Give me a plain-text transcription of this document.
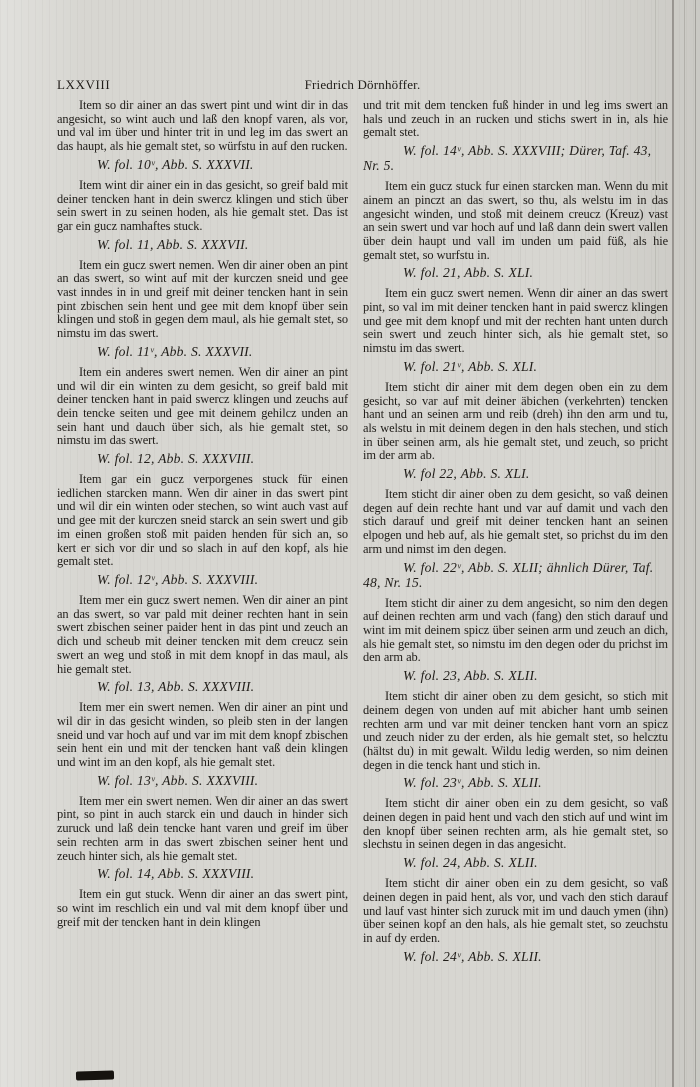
Friedrich Dörnhöffer.
LXXVIII

Item so dir ainer an das swert pint und wint dir in das angesicht, so wint auch und laß den knopf varen, als vor, und val im über und hinter trit in und leg im das swert an das haupt, als hie gemalt stet, so würfstu in auf den rucken.

W. fol. 10ᵛ, Abb. S. XXXVII.

Item wint dir ainer ein in das gesicht, so greif bald mit deiner tencken hant in dein swercz klingen und stich über sein swert in zu seinen hoden, als hie gemalt stet. Das ist gar ein gucz namhaftes stuck.

W. fol. 11, Abb. S. XXXVII.

Item ein gucz swert nemen. Wen dir ainer oben an pint an das swert, so wint auf mit der kurczen sneid und gee vast inndes in in und greif mit deiner tencken hant in sein pint zbischen sein hent und gee mit dem knopf über sein klingen und stoß in gegen dem maul, als hie gemalt stet, so nimstu im das swert.

W. fol. 11ᵛ, Abb. S. XXXVII.

Item ein anderes swert nemen. Wen dir ainer an pint und wil dir ein winten zu dem gesicht, so greif bald mit deiner tencken hant in paid swercz klingen und zeuchs auf dein tencke seiten und gee mit deinem gehilcz unden an sein hant und dauch über sich, als hie gemalt stet, so nimstu im das swert.

W. fol. 12, Abb. S. XXXVIII.

Item gar ein gucz verporgenes stuck für einen iedlichen starcken mann. Wen dir ainer in das swert pint und wil dir ein winten oder stechen, so wint auch vast auf und gee mit der kurczen sneid starck an sein swert und gib im einen großen stoß mit paiden henden für sich an, so kert er sich vor dir und so slach in auf den kopf, als hie gemalt stet.

W. fol. 12ᵛ, Abb. S. XXXVIII.

Item mer ein gucz swert nemen. Wen dir ainer an pint an das swert, so var pald mit deiner rechten hant in sein swert zbischen seiner paider hent in das pint und zeuch an dich und scheub mit deiner tencken mit dem creucz sein swert an weg und stoß in mit dem knopf in das maul, als hie gemalt stet.

W. fol. 13, Abb. S. XXXVIII.

Item mer ein swert nemen. Wen dir ainer an pint und wil dir in das gesicht winden, so pleib sten in der langen sneid und var hoch auf und var im mit dem knopf zbischen sein hent ein und mit der tencken hant vaß dein klingen und wint im an den kopf, als hie gemalt stet.

W. fol. 13ᵛ, Abb. S. XXXVIII.

Item mer ein swert nemen. Wen dir ainer an das swert pint, so pint in auch starck ein und dauch in hinder sich zuruck und laß dein tencke hant varen und greif im über sein rechten arm in das swert zbischen seiner hent und zeuch hinter sich, als hie gemalt stet.

W. fol. 14, Abb. S. XXXVIII.

Item ein gut stuck. Wenn dir ainer an das swert pint, so wint im reschlich ein und val mit dem knopf über und greif mit der tencken hant in dein klingen

und trit mit dem tencken fuß hinder in und leg ims swert an hals und zeuch in an rucken und stichs swert in in, als hie gemalt stet.

W. fol. 14ᵛ, Abb. S. XXXVIII; Dürer, Taf. 43, Nr. 5.

Item ein gucz stuck fur einen starcken man. Wenn du mit ainem an pinczt an das swert, so thu, als welstu im in das angesicht winden, und stoß mit deinem creucz (Kreuz) vast an sein swert und var hoch auf und laß dann dein swert vallen über dein haupt und vall im unden um paid füß, als hie gemalt stet, so wurfstu in.

W. fol. 21, Abb. S. XLI.

Item ein gucz swert nemen. Wenn dir ainer an das swert pint, so val im mit deiner tencken hant in paid swercz klingen und gee mit dem knopf und mit der rechten hant unten durch sein swert und zeuch hinter sich, als hie gemalt stet, so nimstu im das swert.

W. fol. 21ᵛ, Abb. S. XLI.

Item sticht dir ainer mit dem degen oben ein zu dem gesicht, so var auf mit deiner äbichen (verkehrten) tencken hant und an seinen arm und reib (dreh) ihn den arm und tu, als welstu in mit deinem degen in den hals stechen, und stich in über seinen arm, als hie gemalt stet, und zeuch, so pricht im der arm ab.

W. fol 22, Abb. S. XLI.

Item sticht dir ainer oben zu dem gesicht, so vaß deinen degen auf dein rechte hant und var auf damit und vach den stich darauf und greif mit deiner tencken hant an seinen elpogen und heb auf, als hie gemalt stet, so prichst du im den arm und nimst im den degen.

W. fol. 22ᵛ, Abb. S. XLII; ähnlich Dürer, Taf. 48, Nr. 15.

Item sticht dir ainer zu dem angesicht, so nim den degen auf deinen rechten arm und vach (fang) den stich darauf und wint im mit deinem spicz über seinen arm und zeuch an dich, als hie gemalt stet, so nimstu im den degen oder du prichst im den arm ab.

W. fol. 23, Abb. S. XLII.

Item sticht dir ainer oben zu dem gesicht, so stich mit deinem degen von unden auf mit abicher hant umb seinen rechten arm und var mit deiner tencken hant vorn an spicz und zeuch nider zu der erden, als hie gemalt stet, so helcztu (hältst du) in mit gewalt. Wildu ledig werden, so nim deinen degen in die tenck hant und stich in.

W. fol. 23ᵛ, Abb. S. XLII.

Item sticht dir ainer oben ein zu dem gesicht, so vaß deinen degen in paid hent und vach den stich auf und wint im den knopf über seinen rechten arm, als hie gemalt stet, so slechstu in seinen degen in das angesicht.

W. fol. 24, Abb. S. XLII.

Item sticht dir ainer oben ein zu dem gesicht, so vaß deinen degen in paid hent, als vor, und vach den stich darauf und lauf vast hinter sich zuruck mit im und dauch ymen (ihn) über seinen kopf an den hals, als hie gemalt stet, so zeuchstu in auf dy erden.

W. fol. 24ᵛ, Abb. S. XLII.
